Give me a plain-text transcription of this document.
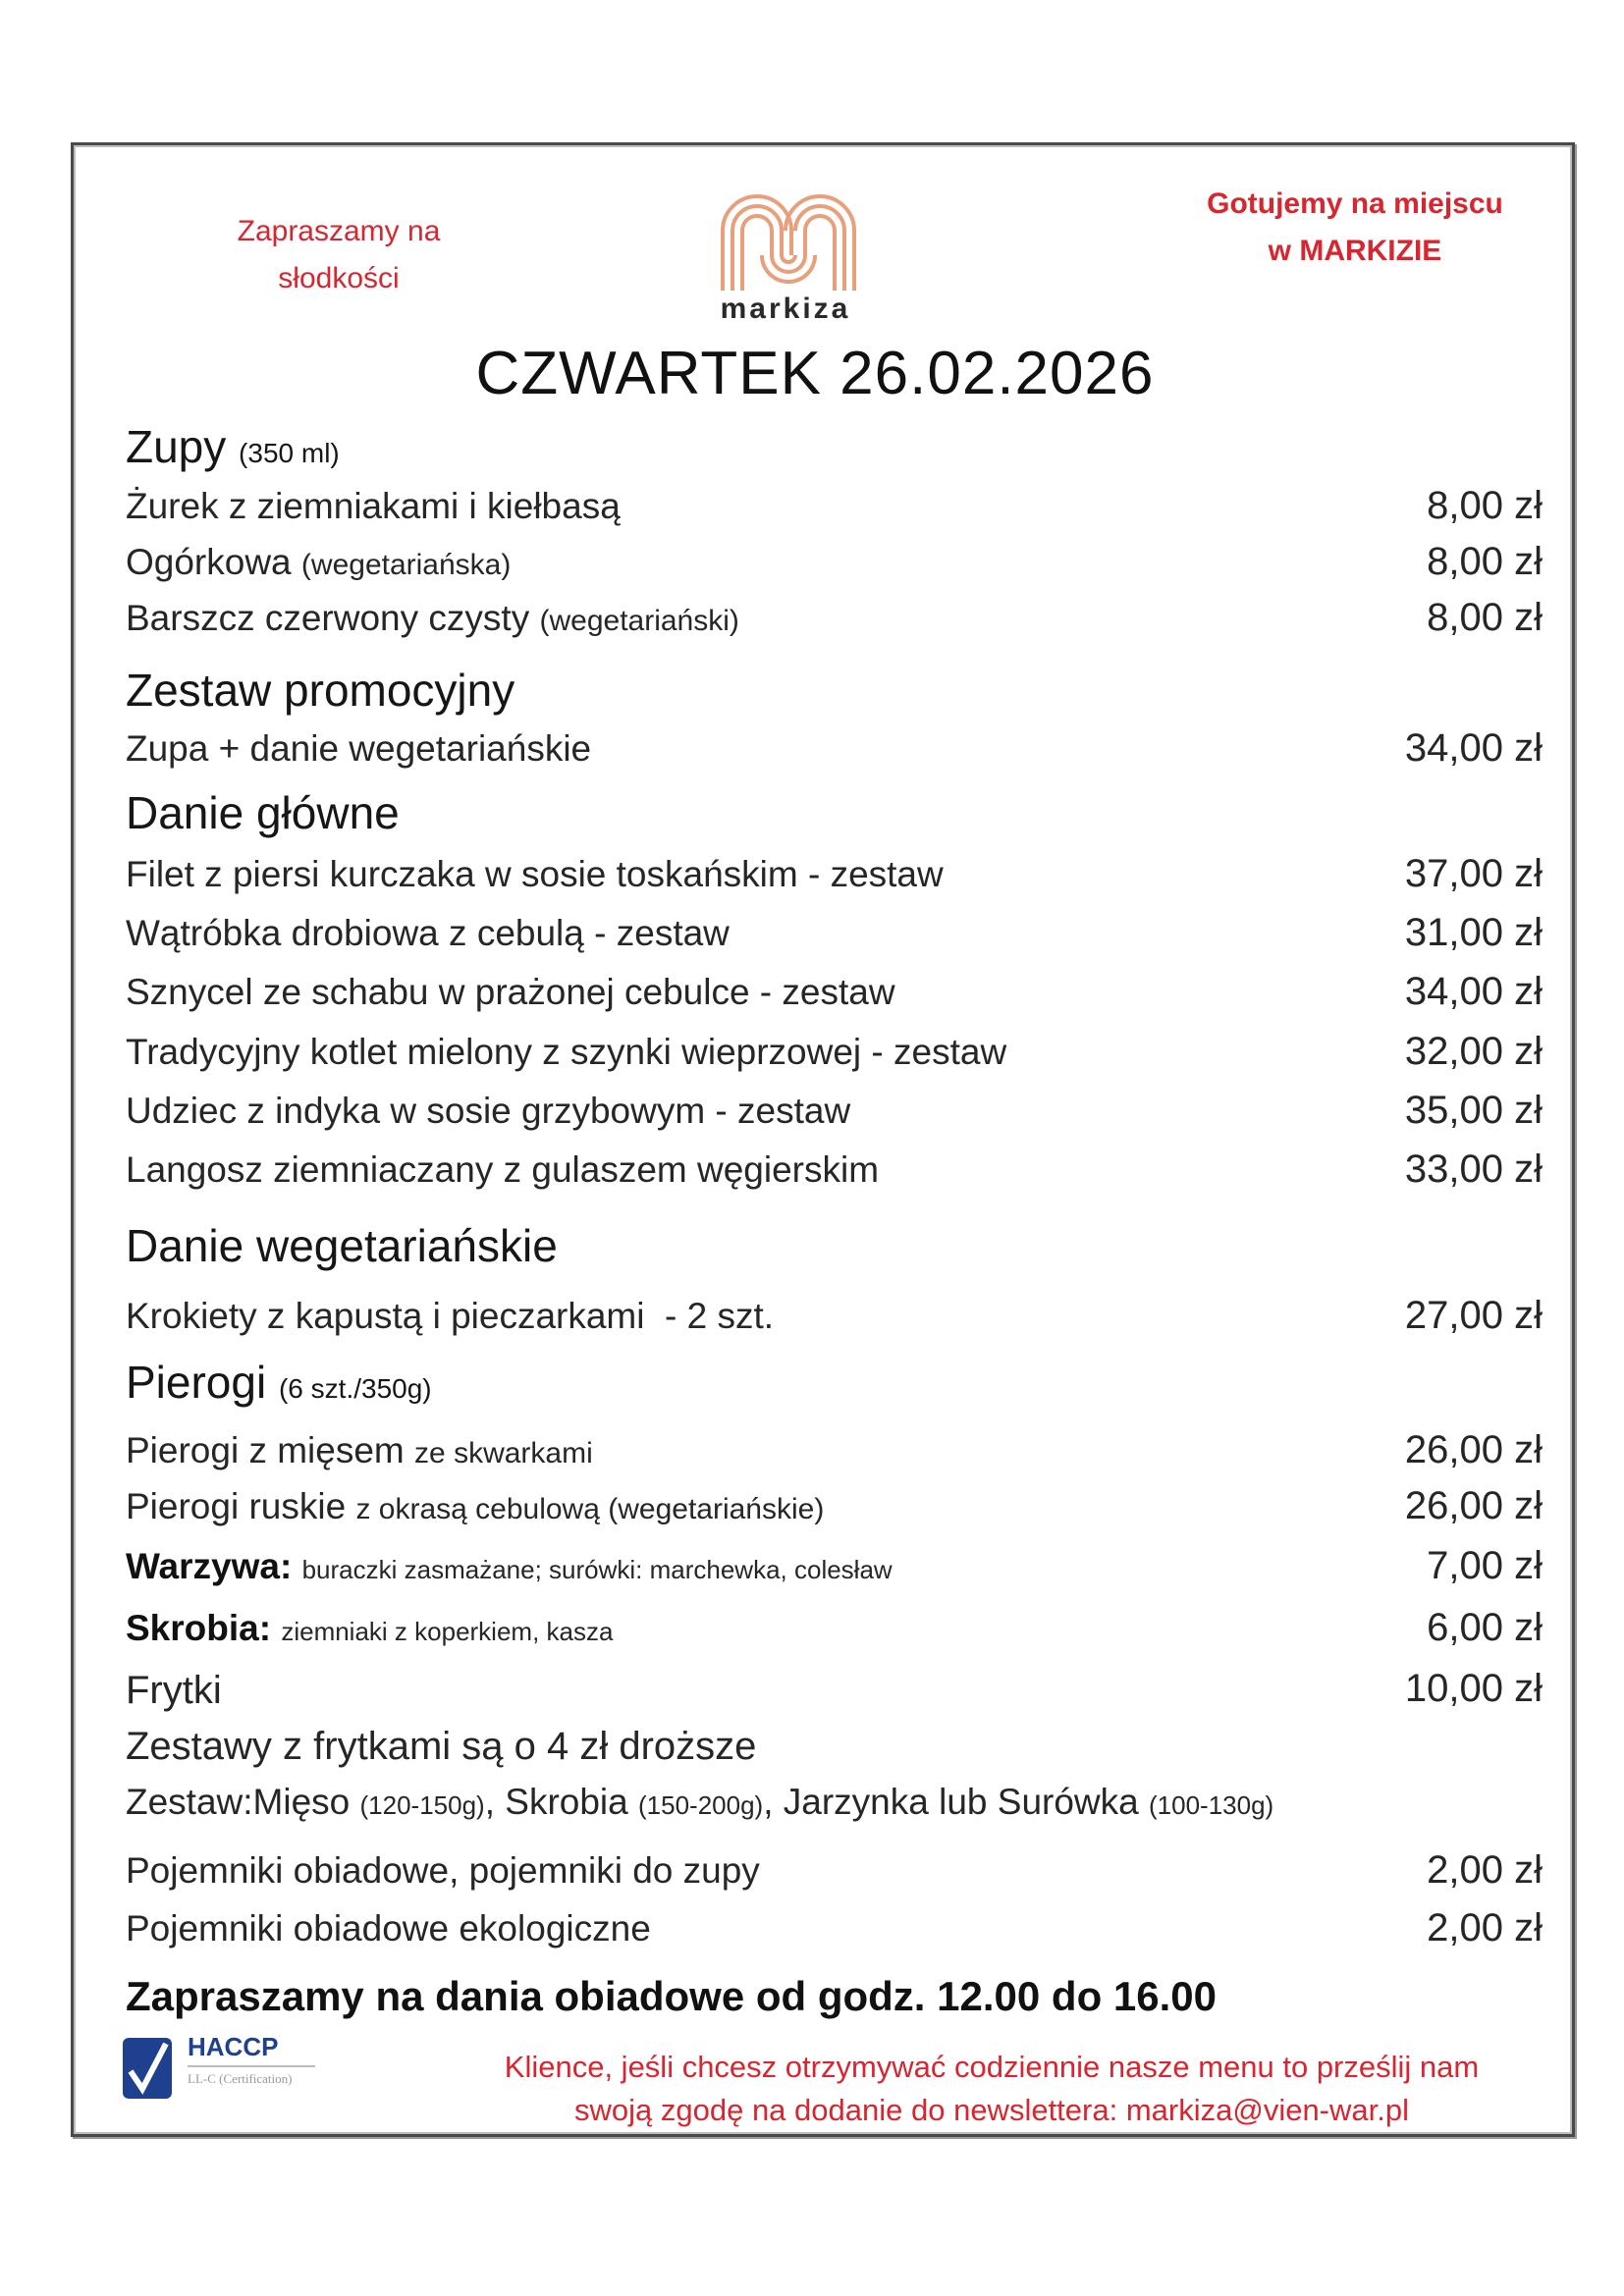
Zapraszamy na
słodkości
markiza
Gotujemy na miejscu
w MARKIZIE
CZWARTEK 26.02.2026
Zupy (350 ml)
Żurek z ziemniakami i kiełbasą	8,00 zł
Ogórkowa (wegetariańska)	8,00 zł
Barszcz czerwony czysty (wegetariański)	8,00 zł
Zestaw promocyjny
Zupa + danie wegetariańskie	34,00 zł
Danie główne
Filet z piersi kurczaka w sosie toskańskim - zestaw	37,00 zł
Wątróbka drobiowa z cebulą - zestaw	31,00 zł
Sznycel ze schabu w prażonej cebulce - zestaw	34,00 zł
Tradycyjny kotlet mielony z szynki wieprzowej - zestaw	32,00 zł
Udziec z indyka w sosie grzybowym - zestaw	35,00 zł
Langosz ziemniaczany z gulaszem węgierskim	33,00 zł
Danie wegetariańskie
Krokiety z kapustą i pieczarkami  - 2 szt.	27,00 zł
Pierogi (6 szt./350g)
Pierogi z mięsem ze skwarkami	26,00 zł
Pierogi ruskie z okrasą cebulową (wegetariańskie)	26,00 zł
Warzywa: buraczki zasmażane; surówki: marchewka, colesław	7,00 zł
Skrobia: ziemniaki z koperkiem, kasza	6,00 zł
Frytki	10,00 zł
Zestawy z frytkami są o 4 zł droższe
Zestaw:Mięso (120-150g), Skrobia (150-200g), Jarzynka lub Surówka (100-130g)
Pojemniki obiadowe, pojemniki do zupy	2,00 zł
Pojemniki obiadowe ekologiczne	2,00 zł
Zapraszamy na dania obiadowe od godz. 12.00 do 16.00
HACCP
LL-C (Certification)	Klience, jeśli chcesz otrzymywać codziennie nasze menu to prześlij nam
swoją zgodę na dodanie do newslettera: markiza@vien-war.pl
